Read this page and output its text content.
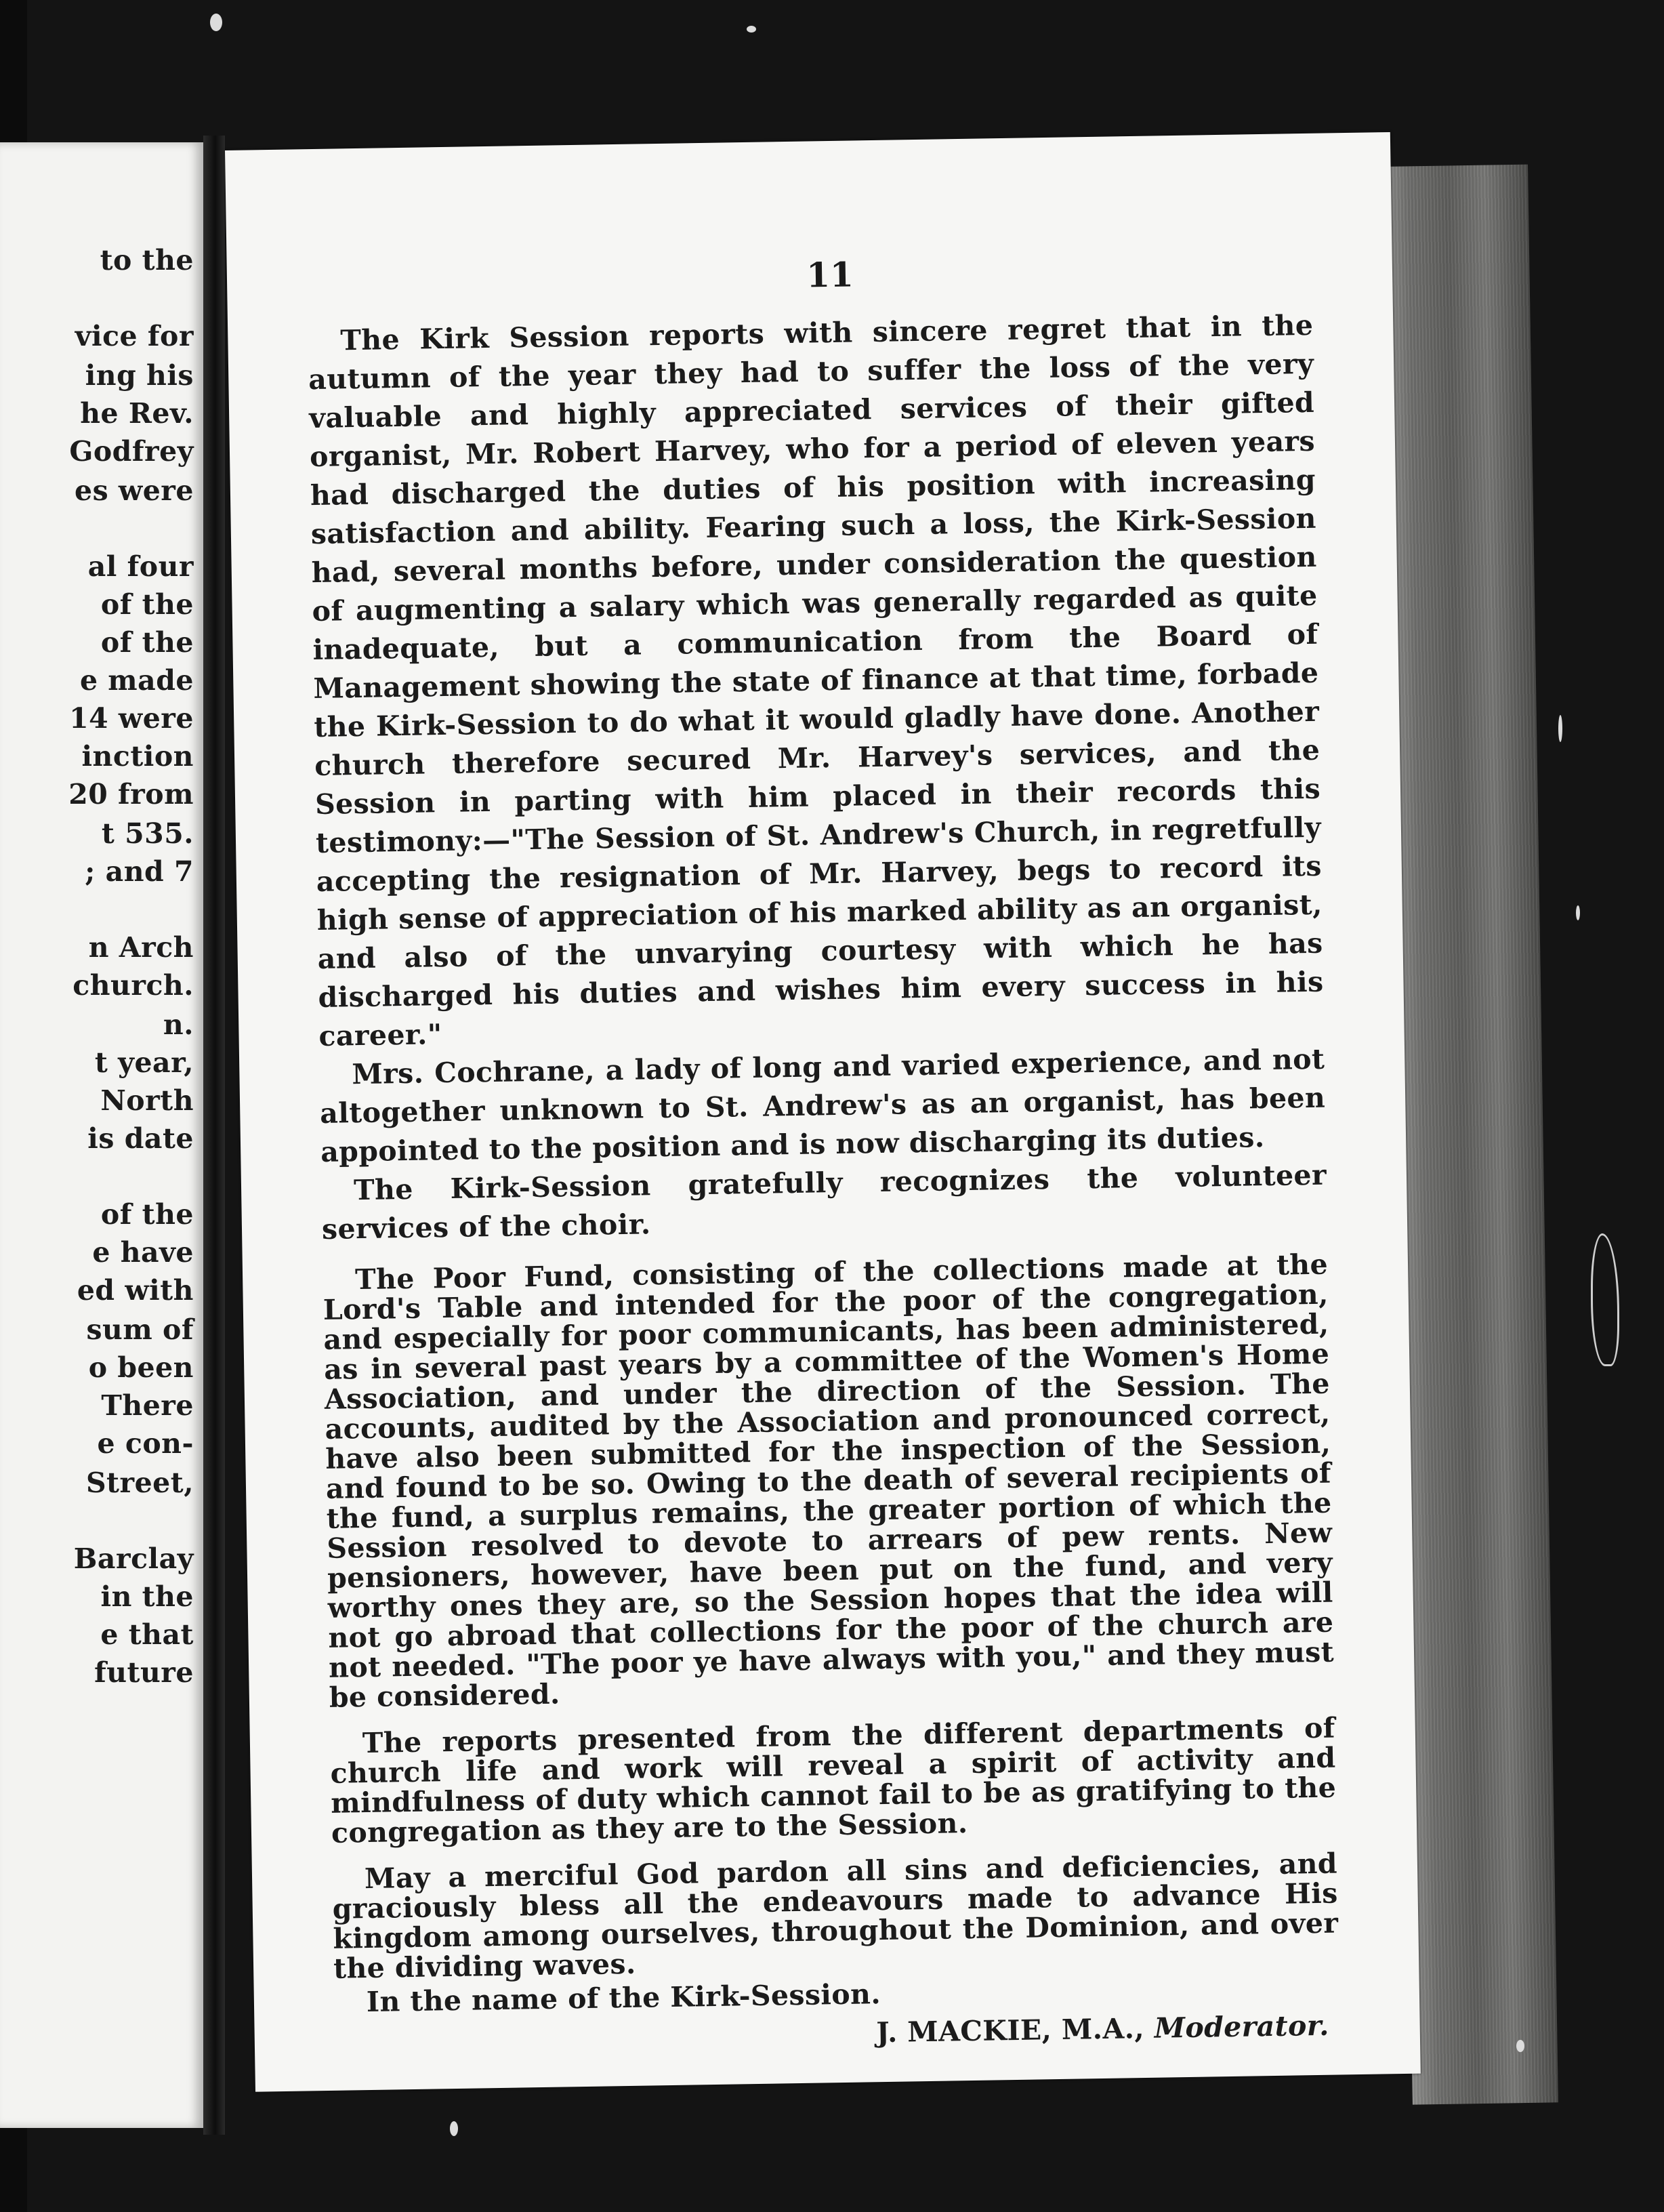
to the

vice for

ing his

he Rev.

Godfrey

es were

al four

of the

of the

e made

14 were

inction

20 from

t 535.

; and 7

n Arch

church.

n.

t year,

North

is date

of the

e have

ed with

sum of

o been

There

e con-

Street,

Barclay

in the

e that

future

11

The Kirk Session reports with sincere regret that in the autumn of the year they had to suffer the loss of the very valuable and highly appreciated services of their gifted organist, Mr. Robert Harvey, who for a period of eleven years had discharged the duties of his position with increasing satisfaction and ability. Fearing such a loss, the Kirk-Session had, several months before, under consideration the question of augmenting a salary which was generally regarded as quite inadequate, but a communication from the Board of Management showing the state of finance at that time, forbade the Kirk-Session to do what it would gladly have done. Another church therefore secured Mr. Harvey's services, and the Session in parting with him placed in their records this testimony:—"The Session of St. Andrew's Church, in regretfully accepting the resignation of Mr. Harvey, begs to record its high sense of appreciation of his marked ability as an organist, and also of the unvarying courtesy with which he has discharged his duties and wishes him every success in his career."

Mrs. Cochrane, a lady of long and varied experience, and not altogether unknown to St. Andrew's as an organist, has been appointed to the position and is now discharging its duties.

The Kirk-Session gratefully recognizes the volunteer services of the choir.

The Poor Fund, consisting of the collections made at the Lord's Table and intended for the poor of the congregation, and especially for poor communicants, has been administered, as in several past years by a committee of the Women's Home Association, and under the direction of the Session. The accounts, audited by the Association and pronounced correct, have also been submitted for the inspection of the Session, and found to be so. Owing to the death of several recipients of the fund, a surplus remains, the greater portion of which the Session resolved to devote to arrears of pew rents. New pensioners, however, have been put on the fund, and very worthy ones they are, so the Session hopes that the idea will not go abroad that collections for the poor of the church are not needed. "The poor ye have always with you," and they must be considered.

The reports presented from the different departments of church life and work will reveal a spirit of activity and mindfulness of duty which cannot fail to be as gratifying to the congregation as they are to the Session.

May a merciful God pardon all sins and deficiencies, and graciously bless all the endeavours made to advance His kingdom among ourselves, throughout the Dominion, and over the dividing waves.

In the name of the Kirk-Session.

J. MACKIE, M.A., Moderator.
